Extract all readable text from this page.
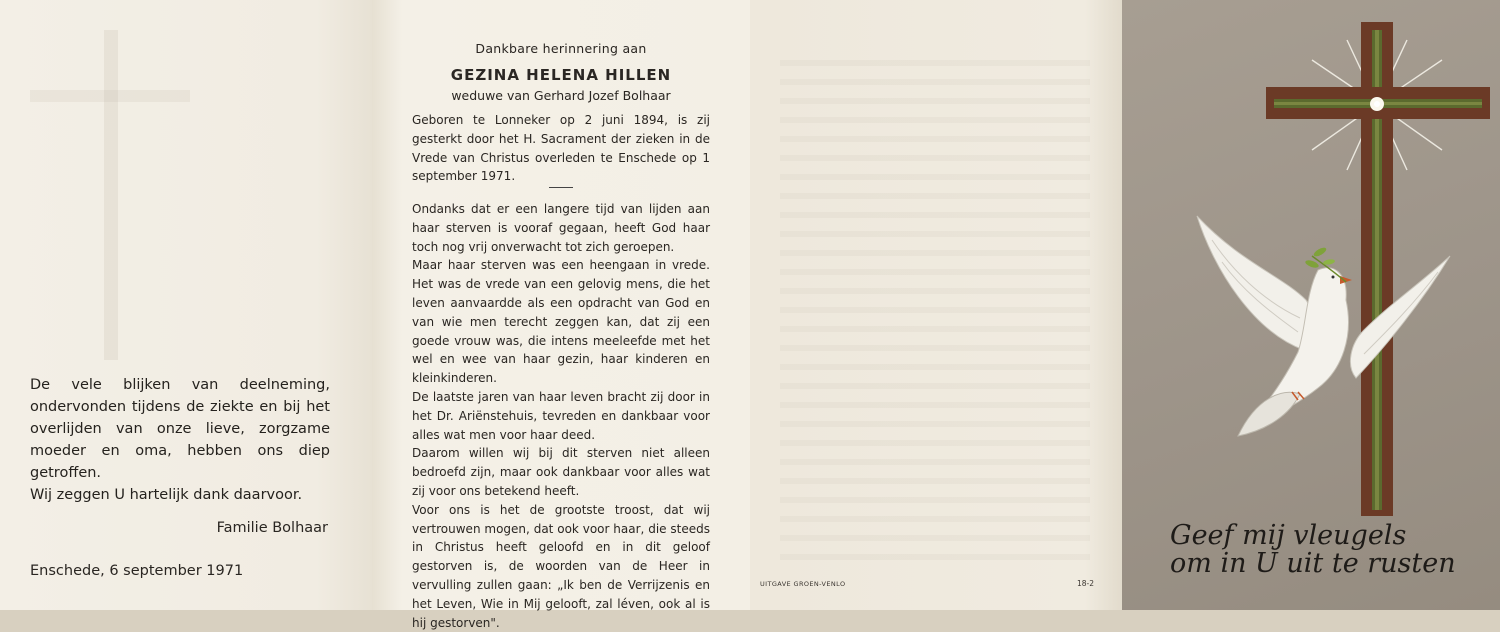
De vele blijken van deelneming, ondervonden tijdens de ziekte en bij het overlijden van onze lieve, zorgzame moeder en oma, hebben ons diep getroffen.
Wij zeggen U hartelijk dank daarvoor.

Familie Bolhaar

Enschede, 6 september 1971

Dankbare herinnering aan

GEZINA HELENA HILLEN

weduwe van Gerhard Jozef Bolhaar

Geboren te Lonneker op 2 juni 1894, is zij gesterkt door het H. Sacrament der zieken in de Vrede van Christus overleden te Enschede op 1 september 1971.

Ondanks dat er een langere tijd van lijden aan haar sterven is vooraf gegaan, heeft God haar toch nog vrij onverwacht tot zich geroepen.

Maar haar sterven was een heengaan in vrede. Het was de vrede van een gelovig mens, die het leven aanvaardde als een opdracht van God en van wie men terecht zeggen kan, dat zij een goede vrouw was, die intens meeleefde met het wel en wee van haar gezin, haar kinderen en kleinkinderen.

De laatste jaren van haar leven bracht zij door in het Dr. Ariënstehuis, tevreden en dankbaar voor alles wat men voor haar deed.

Daarom willen wij bij dit sterven niet alleen bedroefd zijn, maar ook dankbaar voor alles wat zij voor ons betekend heeft.

Voor ons is het de grootste troost, dat wij vertrouwen mogen, dat ook voor haar, die steeds in Christus heeft geloofd en in dit geloof gestorven is, de woorden van de Heer in vervulling zullen gaan: „Ik ben de Verrijzenis en het Leven, Wie in Mij gelooft, zal léven, ook al is hij gestorven".

UITGAVE GROEN-VENLO	18-2

Geef mij vleugels
om in U uit te rusten
